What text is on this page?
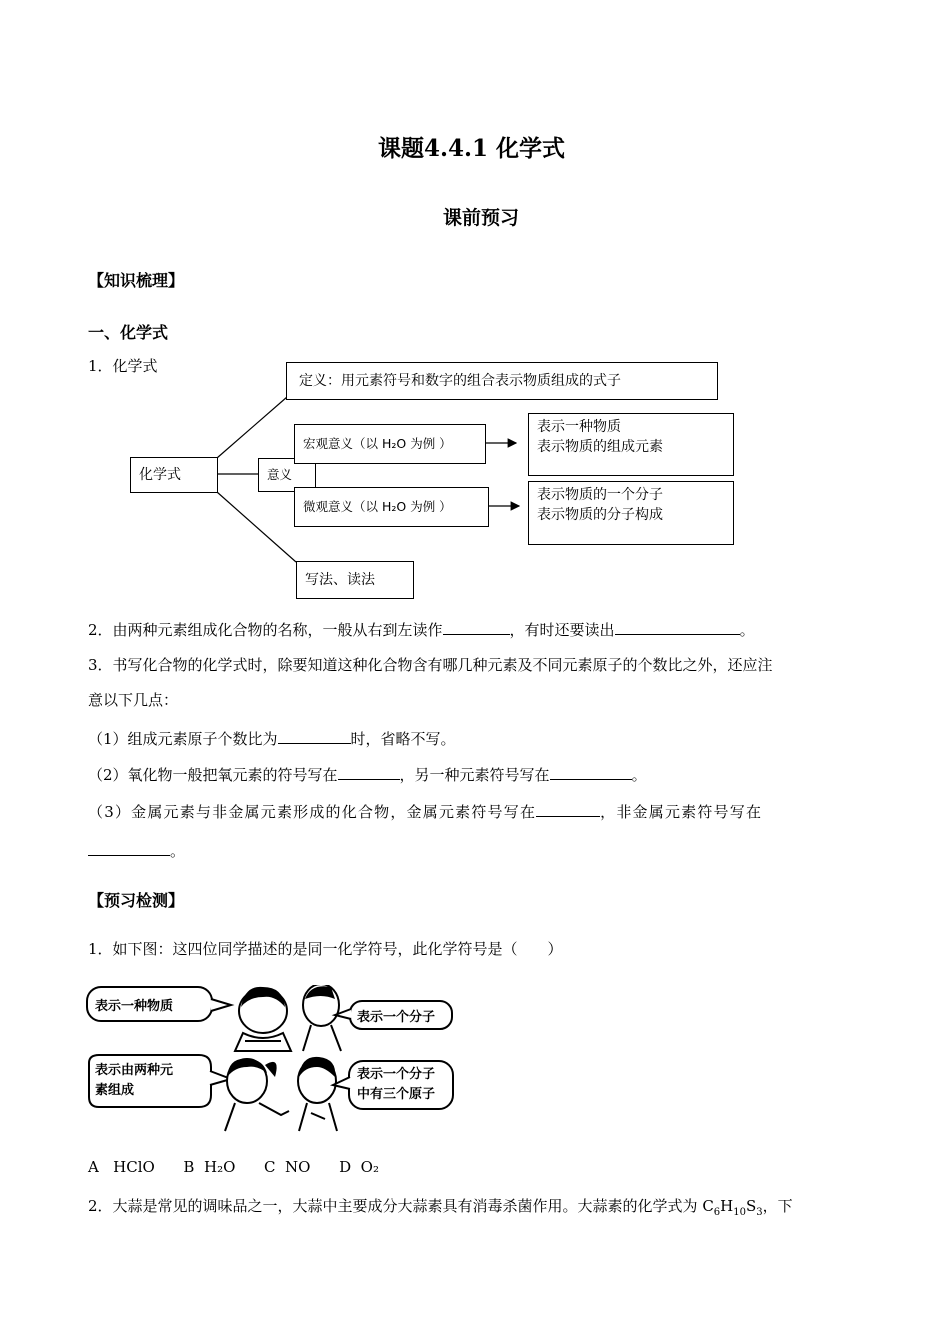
课题4.4.1 化学式
课前预习
【知识梳理】
一、化学式
1．化学式
化学式
定义：用元素符号和数字的组合表示物质组成的式子
意义
宏观意义（以 H₂O 为例 ）
微观意义（以 H₂O 为例 ）
表示一种物质
表示物质的组成元素
表示物质的一个分子
表示物质的分子构成
写法、读法
2．由两种元素组成化合物的名称，一般从右到左读作	，有时还要读出	。
3．书写化合物的化学式时，除要知道这种化合物含有哪几种元素及不同元素原子的个数比之外，还应注
意以下几点：
（1）组成元素原子个数比为	时，省略不写。
（2）氧化物一般把氧元素的符号写在	，另一种元素符号写在	。
（3）金属元素与非金属元素形成的化合物，金属元素符号写在	，非金属元素符号写在
。
【预习检测】
1．如下图：这四位同学描述的是同一化学符号，此化学符号是（　　）
表示一种物质
表示一个分子
表示由两种元
素组成
表示一个分子
中有三个原子
A HClO B H₂O C NO D O₂
2．大蒜是常见的调味品之一，大蒜中主要成分大蒜素具有消毒杀菌作用。大蒜素的化学式为 $C_6H_{10}S_3$，下
